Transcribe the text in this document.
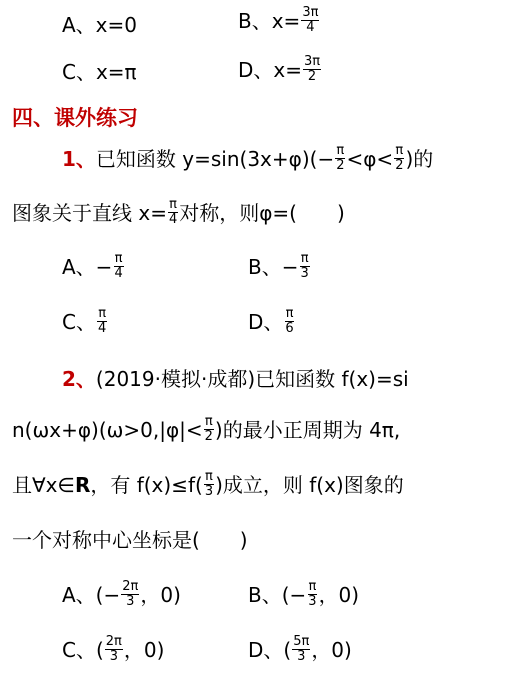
A、x=0	B、$x= \frac{3\pi}{4}$
C、x=π	D、$x= \frac{3\pi}{2}$
四、课外练习
1、 已知函数 $y=\sin(3x+\varphi)(- \frac{\pi}{2} <\varphi< \frac{\pi}{2}$ )的
图象关于直线 $x= \frac{\pi}{4}$ 对称，则φ=(　　)
A、− $\frac{\pi}{4}$	B、− $\frac{\pi}{3}$
C、 $\frac{\pi}{4}$	D、 $\frac{\pi}{6}$
2、 (2019·模拟·成都)已知函数 f(x)=si
$n(\omega x+\varphi)(\omega>0,|\varphi|< \frac{\pi}{2}$ )的最小正周期为 4π,
且∀x∈ R ，有 $f(x)\le f( \frac{\pi}{3}$ )成立，则 f(x)图象的
一个对称中心坐标是(　　)
A、(− $\frac{2\pi}{3}$ ，0)	B、(− $\frac{\pi}{3}$ ，0)
C、( $\frac{2\pi}{3}$ ，0)	D、( $\frac{5\pi}{3}$ ，0)
